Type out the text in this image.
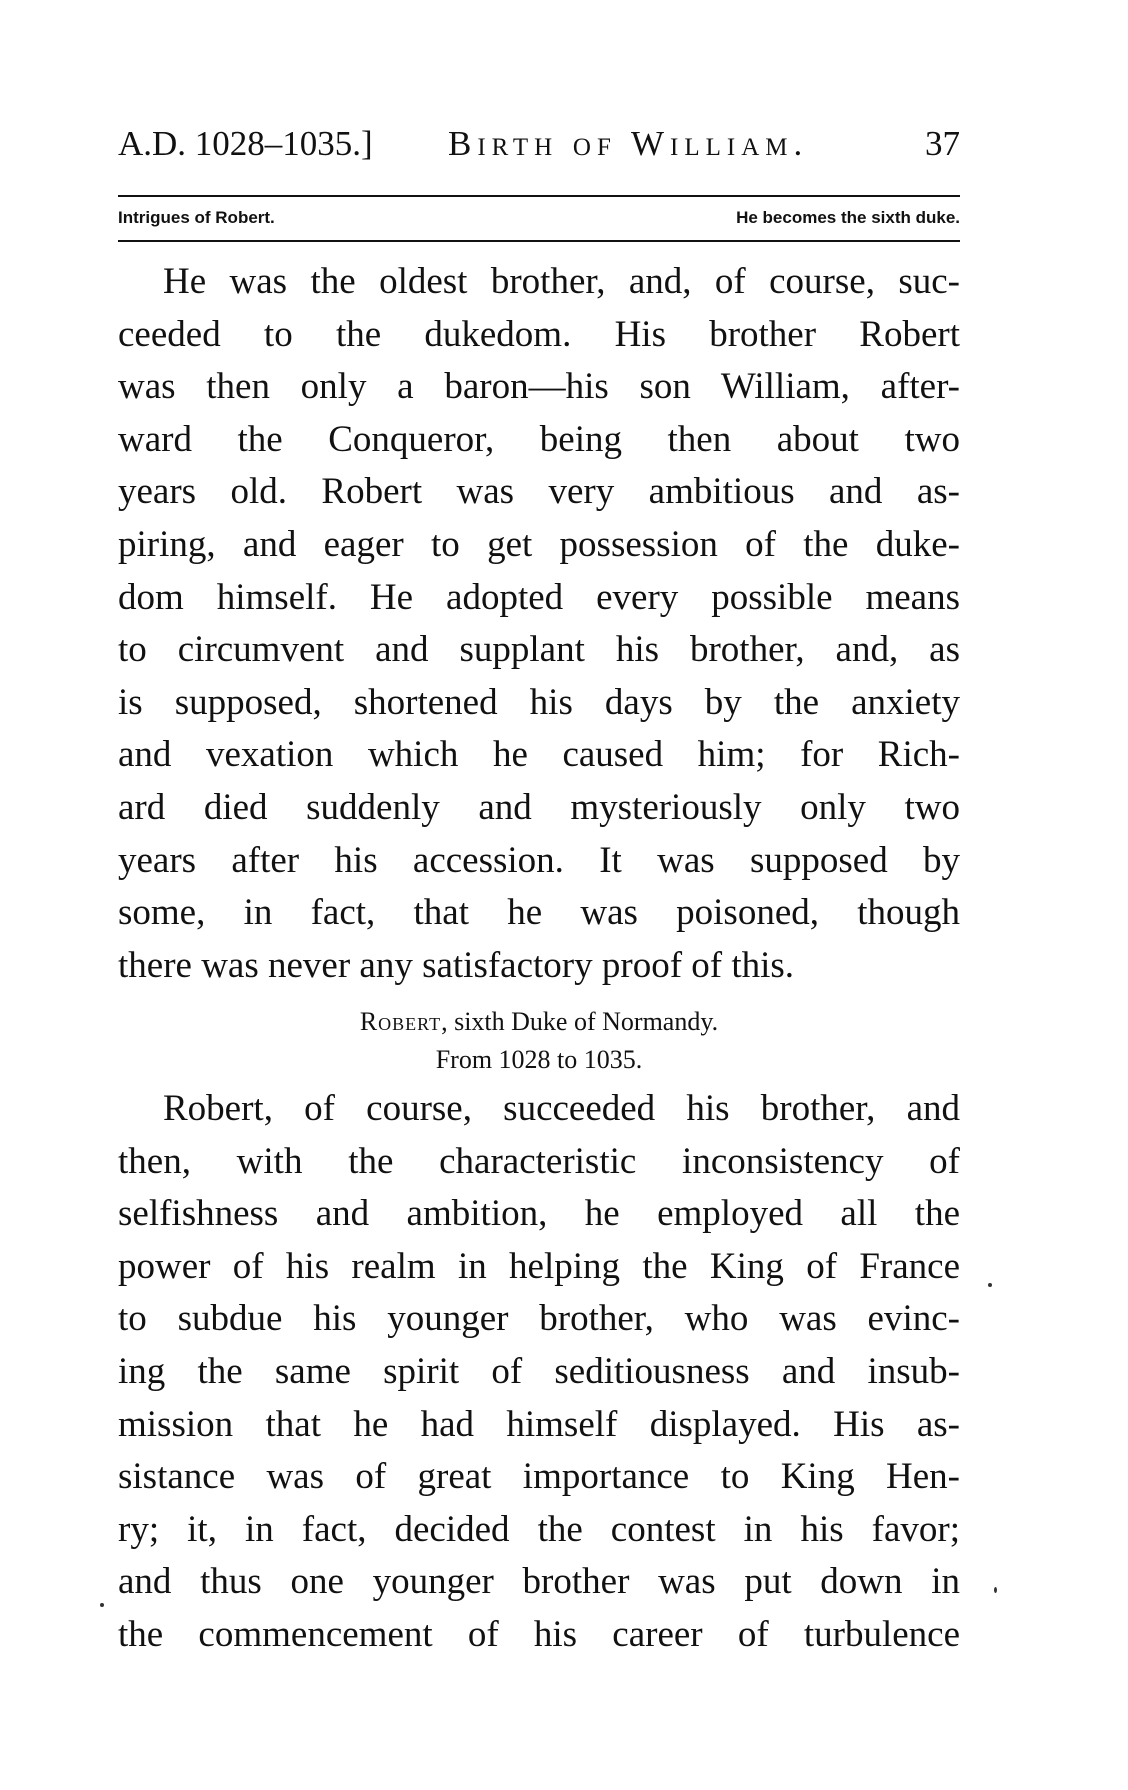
A.D. 1028–1035.] Birth of William.	37
Intrigues of Robert.	He becomes the sixth duke.
He was the oldest brother, and, of course, suc-
ceeded to the dukedom. His brother Robert
was then only a baron—his son William, after-
ward the Conqueror, being then about two
years old. Robert was very ambitious and as-
piring, and eager to get possession of the duke-
dom himself. He adopted every possible means
to circumvent and supplant his brother, and, as
is supposed, shortened his days by the anxiety
and vexation which he caused him; for Rich-
ard died suddenly and mysteriously only two
years after his accession. It was supposed by
some, in fact, that he was poisoned, though
there was never any satisfactory proof of this.
Robert, sixth Duke of Normandy.
From 1028 to 1035.
Robert, of course, succeeded his brother, and
then, with the characteristic inconsistency of
selfishness and ambition, he employed all the
power of his realm in helping the King of France
to subdue his younger brother, who was evinc-
ing the same spirit of seditiousness and insub-
mission that he had himself displayed. His as-
sistance was of great importance to King Hen-
ry; it, in fact, decided the contest in his favor;
and thus one younger brother was put down in
the commencement of his career of turbulence
